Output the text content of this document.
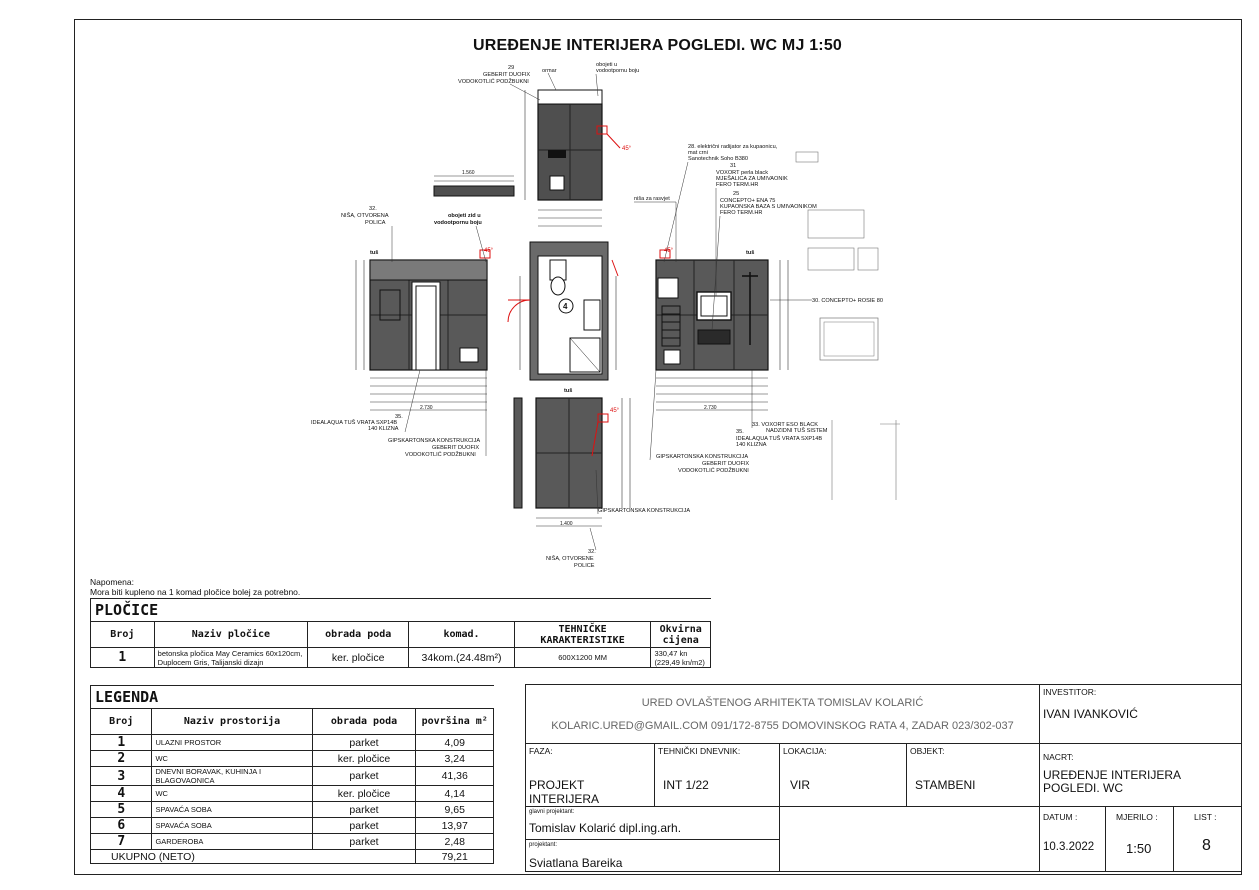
UREĐENJE INTERIJERA POGLEDI. WC MJ 1:50
45°
1.560
45°
2.730
4
45°
2.730
45°
1.400
29
GEBERIT DUOFIX
VODOKOTLIĆ PODŽBUKNI
ormar
obojeti u
vodootpornu boju
28. električni radijator za kupaonicu,
mat crni
Sanotechnik Soho B380
31
VOXORT perla black
MJEŠALICA ZA UMIVAONIK
FERO TERM.HR
25
CONCEPTO+ ENA 75
KUPAONSKA BAZA S UMIVAONIKOM
FERO TERM.HR
niša za rasvjet
32.
NIŠA, OTVORENA
POLICA
obojeti zid u
vodootpornu boju
tuš	tuš
tuš
30. CONCEPTO+ ROSIE 80
35.
IDEALAQUA TUŠ VRATA SXP14B
140 KLIZNA
GIPSKARTONSKA KONSTRUKCIJA
GEBERIT DUOFIX
VODOKOTLIĆ PODŽBUKNI
33. VOXORT ESO BLACK
NADZIDNI TUŠ SISTEM
35.
IDEALAQUA TUŠ VRATA SXP14B
140 KLIZNA
GIPSKARTONSKA KONSTRUKCIJA
GEBERIT DUOFIX
VODOKOTLIĆ PODŽBUKNI
GIPSKARTONSKA KONSTRUKCIJA
32.
NIŠA, OTVORENE
POLICE
Napomena:
Mora biti kupleno na 1 komad pločice bolej za potrebno.
PLOČICE					
Broj	Naziv pločice	obrada poda	komad.	TEHNIČKE KARAKTERISTIKE	Okvirna cijena
1	betonska pločica May Ceramics 60x120cm, Duplocem Gris, Talijanski dizajn	ker. pločice	34kom.(24.48m²)	600X1200 MM	330,47 kn (229,49 kn/m2)
LEGENDA			
Broj	Naziv prostorija	obrada poda	površina m²
1	ULAZNI PROSTOR	parket	4,09
2	WC	ker. pločice	3,24
3	DNEVNI BORAVAK, KUHINJA I BLAGOVAONICA	parket	41,36
4	WC	ker. pločice	4,14
5	SPAVAĆA SOBA	parket	9,65
6	SPAVAĆA SOBA	parket	13,97
7	GARDEROBA	parket	2,48
UKUPNO (NETO)			79,21
URED OVLAŠTENOG ARHITEKTA TOMISLAV KOLARIĆ
KOLARIC.URED@GMAIL.COM 091/172-8755 DOMOVINSKOG RATA 4, ZADAR 023/302-037
INVESTITOR:
IVAN IVANKOVIĆ
FAZA:
PROJEKT INTERIJERA
TEHNIČKI DNEVNIK:
INT 1/22
LOKACIJA:
VIR
OBJEKT:
STAMBENI
NACRT:
UREĐENJE INTERIJERA POGLEDI. WC
glavni projektant:
Tomislav Kolarić dipl.ing.arh.
projektant:
Sviatlana Bareika
DATUM :
10.3.2022
MJERILO :
1:50
LIST :
8
